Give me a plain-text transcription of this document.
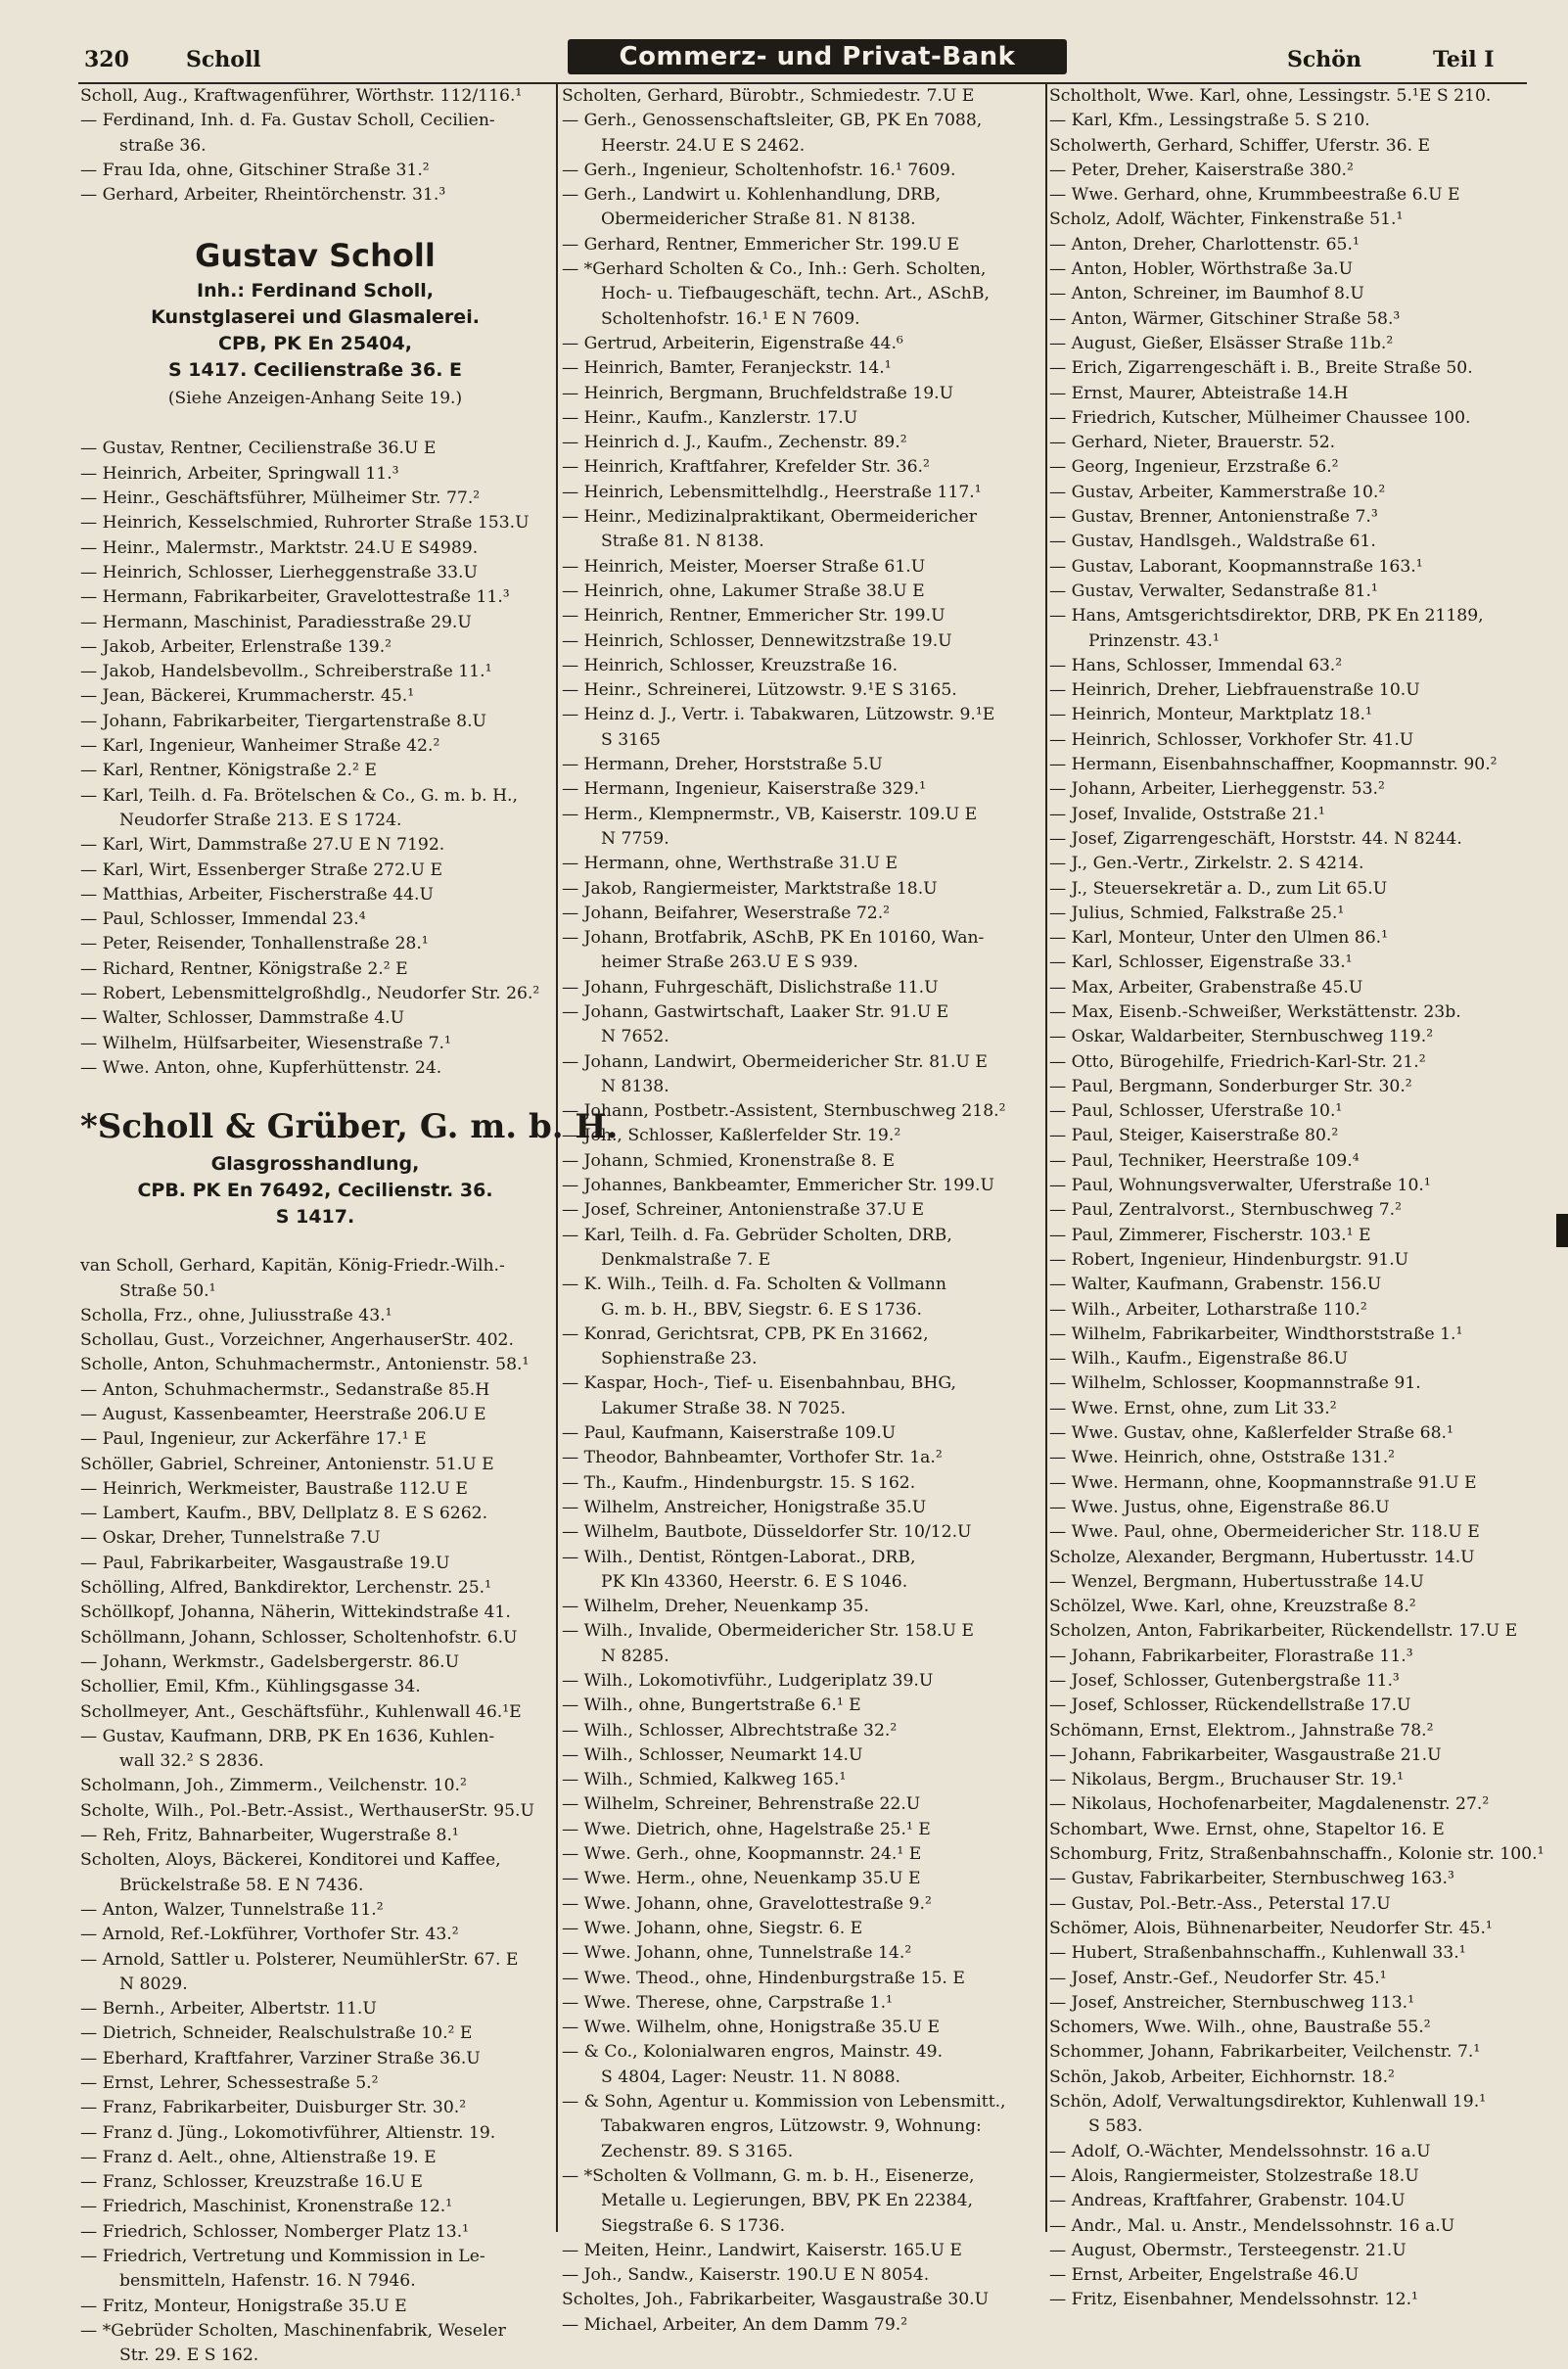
320	Scholl	Commerz- und Privat-Bank	Schön	Teil I
Scholl, Aug., Kraftwagenführer, Wörthstr. 112/116.¹
— Ferdinand, Inh. d. Fa. Gustav Scholl, Cecilien-
straße 36.
— Frau Ida, ohne, Gitschiner Straße 31.²
— Gerhard, Arbeiter, Rheintörchenstr. 31.³
Gustav Scholl
Inh.: Ferdinand Scholl,
Kunstglaserei und Glasmalerei.
CPB, PK En 25404,
S 1417. Cecilienstraße 36. E
(Siehe Anzeigen-Anhang Seite 19.)
— Gustav, Rentner, Cecilienstraße 36.U E
— Heinrich, Arbeiter, Springwall 11.³
— Heinr., Geschäftsführer, Mülheimer Str. 77.²
— Heinrich, Kesselschmied, Ruhrorter Straße 153.U
— Heinr., Malermstr., Marktstr. 24.U E S4989.
— Heinrich, Schlosser, Lierheggenstraße 33.U
— Hermann, Fabrikarbeiter, Gravelottestraße 11.³
— Hermann, Maschinist, Paradiesstraße 29.U
— Jakob, Arbeiter, Erlenstraße 139.²
— Jakob, Handelsbevollm., Schreiberstraße 11.¹
— Jean, Bäckerei, Krummacherstr. 45.¹
— Johann, Fabrikarbeiter, Tiergartenstraße 8.U
— Karl, Ingenieur, Wanheimer Straße 42.²
— Karl, Rentner, Königstraße 2.² E
— Karl, Teilh. d. Fa. Brötelschen & Co., G. m. b. H.,
Neudorfer Straße 213. E S 1724.
— Karl, Wirt, Dammstraße 27.U E N 7192.
— Karl, Wirt, Essenberger Straße 272.U E
— Matthias, Arbeiter, Fischerstraße 44.U
— Paul, Schlosser, Immendal 23.⁴
— Peter, Reisender, Tonhallenstraße 28.¹
— Richard, Rentner, Königstraße 2.² E
— Robert, Lebensmittelgroßhdlg., Neudorfer Str. 26.²
— Walter, Schlosser, Dammstraße 4.U
— Wilhelm, Hülfsarbeiter, Wiesenstraße 7.¹
— Wwe. Anton, ohne, Kupferhüttenstr. 24.
*Scholl & Grüber, G. m. b. H.
Glasgrosshandlung,
CPB. PK En 76492, Cecilienstr. 36.
S 1417.
van Scholl, Gerhard, Kapitän, König-Friedr.-Wilh.-
Straße 50.¹
Scholla, Frz., ohne, Juliusstraße 43.¹
Schollau, Gust., Vorzeichner, AngerhauserStr. 402.
Scholle, Anton, Schuhmachermstr., Antonienstr. 58.¹
— Anton, Schuhmachermstr., Sedanstraße 85.H
— August, Kassenbeamter, Heerstraße 206.U E
— Paul, Ingenieur, zur Ackerfähre 17.¹ E
Schöller, Gabriel, Schreiner, Antonienstr. 51.U E
— Heinrich, Werkmeister, Baustraße 112.U E
— Lambert, Kaufm., BBV, Dellplatz 8. E S 6262.
— Oskar, Dreher, Tunnelstraße 7.U
— Paul, Fabrikarbeiter, Wasgaustraße 19.U
Schölling, Alfred, Bankdirektor, Lerchenstr. 25.¹
Schöllkopf, Johanna, Näherin, Wittekindstraße 41.
Schöllmann, Johann, Schlosser, Scholtenhofstr. 6.U
— Johann, Werkmstr., Gadelsbergerstr. 86.U
Schollier, Emil, Kfm., Kühlingsgasse 34.
Schollmeyer, Ant., Geschäftsführ., Kuhlenwall 46.¹E
— Gustav, Kaufmann, DRB, PK En 1636, Kuhlen-
wall 32.² S 2836.
Scholmann, Joh., Zimmerm., Veilchenstr. 10.²
Scholte, Wilh., Pol.-Betr.-Assist., WerthauserStr. 95.U
— Reh, Fritz, Bahnarbeiter, Wugerstraße 8.¹
Scholten, Aloys, Bäckerei, Konditorei und Kaffee,
Brückelstraße 58. E N 7436.
— Anton, Walzer, Tunnelstraße 11.²
— Arnold, Ref.-Lokführer, Vorthofer Str. 43.²
— Arnold, Sattler u. Polsterer, NeumühlerStr. 67. E
N 8029.
— Bernh., Arbeiter, Albertstr. 11.U
— Dietrich, Schneider, Realschulstraße 10.² E
— Eberhard, Kraftfahrer, Varziner Straße 36.U
— Ernst, Lehrer, Schessestraße 5.²
— Franz, Fabrikarbeiter, Duisburger Str. 30.²
— Franz d. Jüng., Lokomotivführer, Altienstr. 19.
— Franz d. Aelt., ohne, Altienstraße 19. E
— Franz, Schlosser, Kreuzstraße 16.U E
— Friedrich, Maschinist, Kronenstraße 12.¹
— Friedrich, Schlosser, Nomberger Platz 13.¹
— Friedrich, Vertretung und Kommission in Le-
bensmitteln, Hafenstr. 16. N 7946.
— Fritz, Monteur, Honigstraße 35.U E
— *Gebrüder Scholten, Maschinenfabrik, Weseler
Str. 29. E S 162.
Scholten, Gerhard, Bürobtr., Schmiedestr. 7.U E
— Gerh., Genossenschaftsleiter, GB, PK En 7088,
Heerstr. 24.U E S 2462.
— Gerh., Ingenieur, Scholtenhofstr. 16.¹ 7609.
— Gerh., Landwirt u. Kohlenhandlung, DRB,
Obermeidericher Straße 81. N 8138.
— Gerhard, Rentner, Emmericher Str. 199.U E
— *Gerhard Scholten & Co., Inh.: Gerh. Scholten,
Hoch- u. Tiefbaugeschäft, techn. Art., ASchB,
Scholtenhofstr. 16.¹ E N 7609.
— Gertrud, Arbeiterin, Eigenstraße 44.⁶
— Heinrich, Bamter, Feranjeckstr. 14.¹
— Heinrich, Bergmann, Bruchfeldstraße 19.U
— Heinr., Kaufm., Kanzlerstr. 17.U
— Heinrich d. J., Kaufm., Zechenstr. 89.²
— Heinrich, Kraftfahrer, Krefelder Str. 36.²
— Heinrich, Lebensmittelhdlg., Heerstraße 117.¹
— Heinr., Medizinalpraktikant, Obermeidericher
Straße 81. N 8138.
— Heinrich, Meister, Moerser Straße 61.U
— Heinrich, ohne, Lakumer Straße 38.U E
— Heinrich, Rentner, Emmericher Str. 199.U
— Heinrich, Schlosser, Dennewitzstraße 19.U
— Heinrich, Schlosser, Kreuzstraße 16.
— Heinr., Schreinerei, Lützowstr. 9.¹E S 3165.
— Heinz d. J., Vertr. i. Tabakwaren, Lützowstr. 9.¹E
S 3165
— Hermann, Dreher, Horststraße 5.U
— Hermann, Ingenieur, Kaiserstraße 329.¹
— Herm., Klempnermstr., VB, Kaiserstr. 109.U E
N 7759.
— Hermann, ohne, Werthstraße 31.U E
— Jakob, Rangiermeister, Marktstraße 18.U
— Johann, Beifahrer, Weserstraße 72.²
— Johann, Brotfabrik, ASchB, PK En 10160, Wan-
heimer Straße 263.U E S 939.
— Johann, Fuhrgeschäft, Dislichstraße 11.U
— Johann, Gastwirtschaft, Laaker Str. 91.U E
N 7652.
— Johann, Landwirt, Obermeidericher Str. 81.U E
N 8138.
— Johann, Postbetr.-Assistent, Sternbuschweg 218.²
— Joh., Schlosser, Kaßlerfelder Str. 19.²
— Johann, Schmied, Kronenstraße 8. E
— Johannes, Bankbeamter, Emmericher Str. 199.U
— Josef, Schreiner, Antonienstraße 37.U E
— Karl, Teilh. d. Fa. Gebrüder Scholten, DRB,
Denkmalstraße 7. E
— K. Wilh., Teilh. d. Fa. Scholten & Vollmann
G. m. b. H., BBV, Siegstr. 6. E S 1736.
— Konrad, Gerichtsrat, CPB, PK En 31662,
Sophienstraße 23.
— Kaspar, Hoch-, Tief- u. Eisenbahnbau, BHG,
Lakumer Straße 38. N 7025.
— Paul, Kaufmann, Kaiserstraße 109.U
— Theodor, Bahnbeamter, Vorthofer Str. 1a.²
— Th., Kaufm., Hindenburgstr. 15. S 162.
— Wilhelm, Anstreicher, Honigstraße 35.U
— Wilhelm, Bautbote, Düsseldorfer Str. 10/12.U
— Wilh., Dentist, Röntgen-Laborat., DRB,
PK Kln 43360, Heerstr. 6. E S 1046.
— Wilhelm, Dreher, Neuenkamp 35.
— Wilh., Invalide, Obermeidericher Str. 158.U E
N 8285.
— Wilh., Lokomotivführ., Ludgeriplatz 39.U
— Wilh., ohne, Bungertstraße 6.¹ E
— Wilh., Schlosser, Albrechtstraße 32.²
— Wilh., Schlosser, Neumarkt 14.U
— Wilh., Schmied, Kalkweg 165.¹
— Wilhelm, Schreiner, Behrenstraße 22.U
— Wwe. Dietrich, ohne, Hagelstraße 25.¹ E
— Wwe. Gerh., ohne, Koopmannstr. 24.¹ E
— Wwe. Herm., ohne, Neuenkamp 35.U E
— Wwe. Johann, ohne, Gravelottestraße 9.²
— Wwe. Johann, ohne, Siegstr. 6. E
— Wwe. Johann, ohne, Tunnelstraße 14.²
— Wwe. Theod., ohne, Hindenburgstraße 15. E
— Wwe. Therese, ohne, Carpstraße 1.¹
— Wwe. Wilhelm, ohne, Honigstraße 35.U E
— & Co., Kolonialwaren engros, Mainstr. 49.
S 4804, Lager: Neustr. 11. N 8088.
— & Sohn, Agentur u. Kommission von Lebensmitt.,
Tabakwaren engros, Lützowstr. 9, Wohnung:
Zechenstr. 89. S 3165.
— *Scholten & Vollmann, G. m. b. H., Eisenerze,
Metalle u. Legierungen, BBV, PK En 22384,
Siegstraße 6. S 1736.
— Meiten, Heinr., Landwirt, Kaiserstr. 165.U E
— Joh., Sandw., Kaiserstr. 190.U E N 8054.
Scholtes, Joh., Fabrikarbeiter, Wasgaustraße 30.U
— Michael, Arbeiter, An dem Damm 79.²
Scholtholt, Wwe. Karl, ohne, Lessingstr. 5.¹E S 210.
— Karl, Kfm., Lessingstraße 5. S 210.
Scholwerth, Gerhard, Schiffer, Uferstr. 36. E
— Peter, Dreher, Kaiserstraße 380.²
— Wwe. Gerhard, ohne, Krummbeestraße 6.U E
Scholz, Adolf, Wächter, Finkenstraße 51.¹
— Anton, Dreher, Charlottenstr. 65.¹
— Anton, Hobler, Wörthstraße 3a.U
— Anton, Schreiner, im Baumhof 8.U
— Anton, Wärmer, Gitschiner Straße 58.³
— August, Gießer, Elsässer Straße 11b.²
— Erich, Zigarrengeschäft i. B., Breite Straße 50.
— Ernst, Maurer, Abteistraße 14.H
— Friedrich, Kutscher, Mülheimer Chaussee 100.
— Gerhard, Nieter, Brauerstr. 52.
— Georg, Ingenieur, Erzstraße 6.²
— Gustav, Arbeiter, Kammerstraße 10.²
— Gustav, Brenner, Antonienstraße 7.³
— Gustav, Handlsgeh., Waldstraße 61.
— Gustav, Laborant, Koopmannstraße 163.¹
— Gustav, Verwalter, Sedanstraße 81.¹
— Hans, Amtsgerichtsdirektor, DRB, PK En 21189,
Prinzenstr. 43.¹
— Hans, Schlosser, Immendal 63.²
— Heinrich, Dreher, Liebfrauenstraße 10.U
— Heinrich, Monteur, Marktplatz 18.¹
— Heinrich, Schlosser, Vorkhofer Str. 41.U
— Hermann, Eisenbahnschaffner, Koopmannstr. 90.²
— Johann, Arbeiter, Lierheggenstr. 53.²
— Josef, Invalide, Oststraße 21.¹
— Josef, Zigarrengeschäft, Horststr. 44. N 8244.
— J., Gen.-Vertr., Zirkelstr. 2. S 4214.
— J., Steuersekretär a. D., zum Lit 65.U
— Julius, Schmied, Falkstraße 25.¹
— Karl, Monteur, Unter den Ulmen 86.¹
— Karl, Schlosser, Eigenstraße 33.¹
— Max, Arbeiter, Grabenstraße 45.U
— Max, Eisenb.-Schweißer, Werkstättenstr. 23b.
— Oskar, Waldarbeiter, Sternbuschweg 119.²
— Otto, Bürogehilfe, Friedrich-Karl-Str. 21.²
— Paul, Bergmann, Sonderburger Str. 30.²
— Paul, Schlosser, Uferstraße 10.¹
— Paul, Steiger, Kaiserstraße 80.²
— Paul, Techniker, Heerstraße 109.⁴
— Paul, Wohnungsverwalter, Uferstraße 10.¹
— Paul, Zentralvorst., Sternbuschweg 7.²
— Paul, Zimmerer, Fischerstr. 103.¹ E
— Robert, Ingenieur, Hindenburgstr. 91.U
— Walter, Kaufmann, Grabenstr. 156.U
— Wilh., Arbeiter, Lotharstraße 110.²
— Wilhelm, Fabrikarbeiter, Windthorststraße 1.¹
— Wilh., Kaufm., Eigenstraße 86.U
— Wilhelm, Schlosser, Koopmannstraße 91.
— Wwe. Ernst, ohne, zum Lit 33.²
— Wwe. Gustav, ohne, Kaßlerfelder Straße 68.¹
— Wwe. Heinrich, ohne, Oststraße 131.²
— Wwe. Hermann, ohne, Koopmannstraße 91.U E
— Wwe. Justus, ohne, Eigenstraße 86.U
— Wwe. Paul, ohne, Obermeidericher Str. 118.U E
Scholze, Alexander, Bergmann, Hubertusstr. 14.U
— Wenzel, Bergmann, Hubertusstraße 14.U
Schölzel, Wwe. Karl, ohne, Kreuzstraße 8.²
Scholzen, Anton, Fabrikarbeiter, Rückendellstr. 17.U E
— Johann, Fabrikarbeiter, Florastraße 11.³
— Josef, Schlosser, Gutenbergstraße 11.³
— Josef, Schlosser, Rückendellstraße 17.U
Schömann, Ernst, Elektrom., Jahnstraße 78.²
— Johann, Fabrikarbeiter, Wasgaustraße 21.U
— Nikolaus, Bergm., Bruchauser Str. 19.¹
— Nikolaus, Hochofenarbeiter, Magdalenenstr. 27.²
Schombart, Wwe. Ernst, ohne, Stapeltor 16. E
Schomburg, Fritz, Straßenbahnschaffn., Kolonie str. 100.¹
— Gustav, Fabrikarbeiter, Sternbuschweg 163.³
— Gustav, Pol.-Betr.-Ass., Peterstal 17.U
Schömer, Alois, Bühnenarbeiter, Neudorfer Str. 45.¹
— Hubert, Straßenbahnschaffn., Kuhlenwall 33.¹
— Josef, Anstr.-Gef., Neudorfer Str. 45.¹
— Josef, Anstreicher, Sternbuschweg 113.¹
Schomers, Wwe. Wilh., ohne, Baustraße 55.²
Schommer, Johann, Fabrikarbeiter, Veilchenstr. 7.¹
Schön, Jakob, Arbeiter, Eichhornstr. 18.²
Schön, Adolf, Verwaltungsdirektor, Kuhlenwall 19.¹
S 583.
— Adolf, O.-Wächter, Mendelssohnstr. 16 a.U
— Alois, Rangiermeister, Stolzestraße 18.U
— Andreas, Kraftfahrer, Grabenstr. 104.U
— Andr., Mal. u. Anstr., Mendelssohnstr. 16 a.U
— August, Obermstr., Tersteegenstr. 21.U
— Ernst, Arbeiter, Engelstraße 46.U
— Fritz, Eisenbahner, Mendelssohnstr. 12.¹
